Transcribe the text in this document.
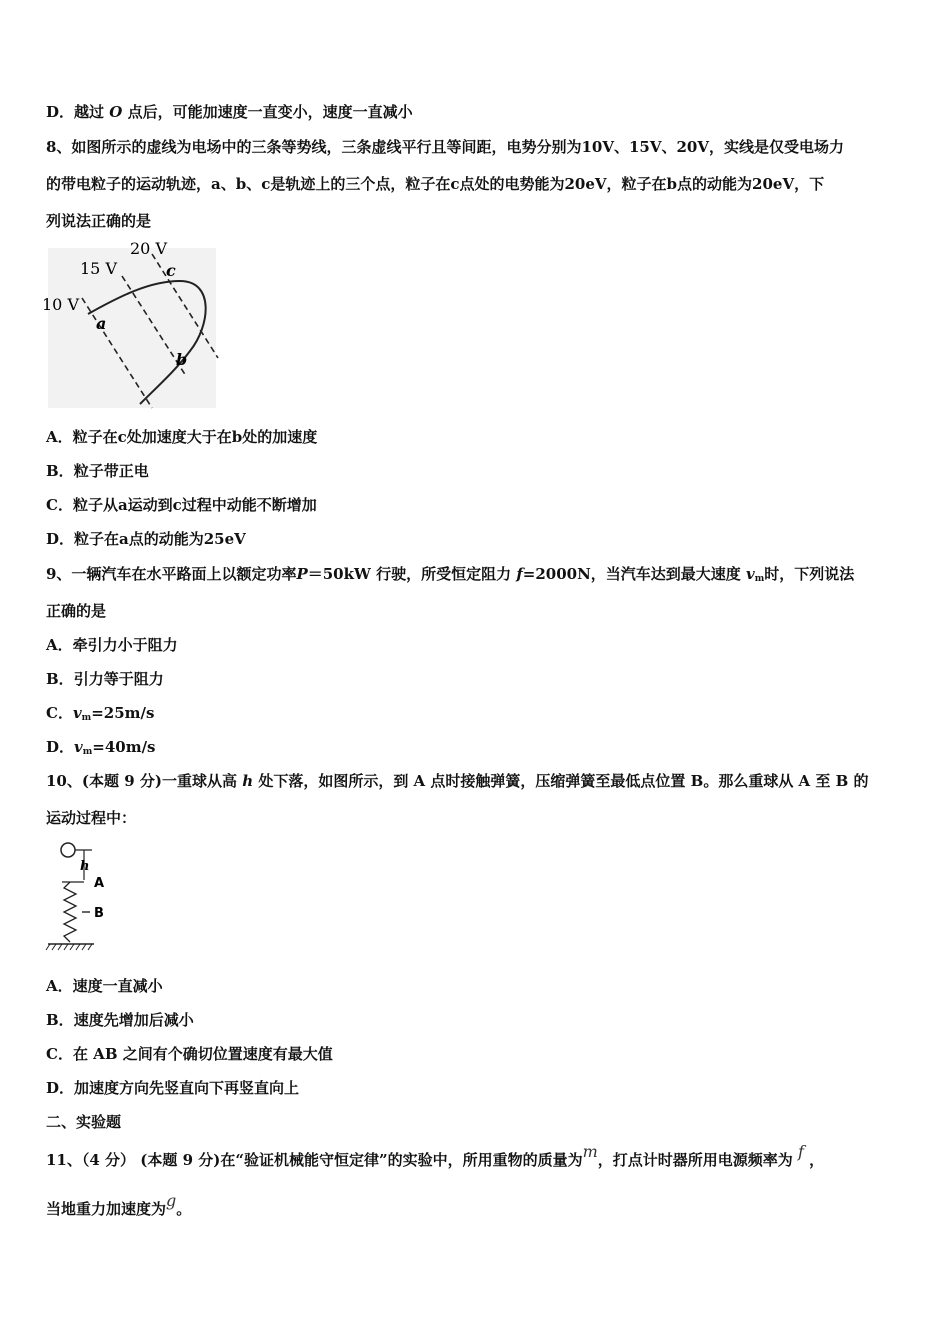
D．越过 O 点后，可能加速度一直变小，速度一直减小
8、如图所示的虚线为电场中的三条等势线，三条虚线平行且等间距，电势分别为10V、15V、20V，实线是仅受电场力
的带电粒子的运动轨迹，a、b、c是轨迹上的三个点，粒子在c点处的电势能为20eV，粒子在b点的动能为20eV，下
列说法正确的是
20 V
15 V
10 V
a
b
c
A．粒子在c处加速度大于在b处的加速度
B．粒子带正电
C．粒子从a运动到c过程中动能不断增加
D．粒子在a点的动能为25eV
9、一辆汽车在水平路面上以额定功率P＝50kW 行驶，所受恒定阻力 f=2000N，当汽车达到最大速度 $v_m$时，下列说法
正确的是
A．牵引力小于阻力
B．引力等于阻力
C．$v_m=25m/s$
D．$v_m=40m/s$
10、(本题 9 分)一重球从高 h 处下落，如图所示，到 A 点时接触弹簧，压缩弹簧至最低点位置 B。那么重球从 A 至 B 的
运动过程中：
h
A
B
A．速度一直减小
B．速度先增加后减小
C．在 AB 之间有个确切位置速度有最大值
D．加速度方向先竖直向下再竖直向上
二、实验题
11、（4 分） (本题 9 分)在“验证机械能守恒定律”的实验中，所用重物的质量为m，打点计时器所用电源频率为 f ，
当地重力加速度为g。
